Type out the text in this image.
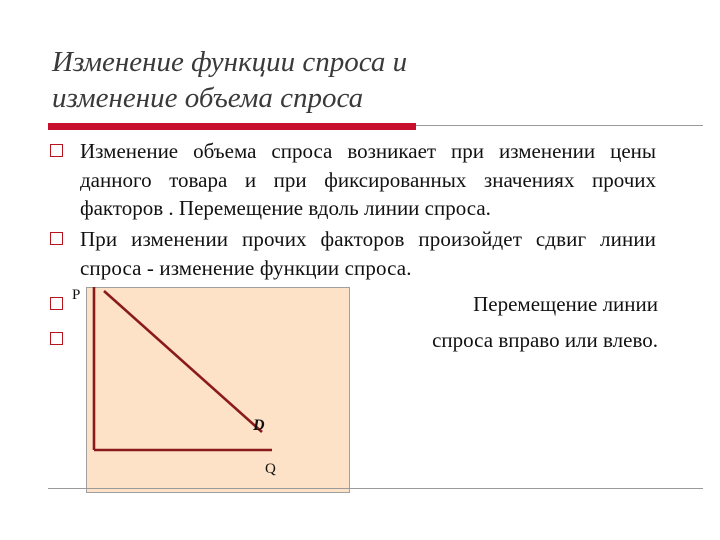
Изменение функции спроса и
изменение объема спроса
Изменение объема спроса возникает при изменении цены данного товара и при фиксированных значениях прочих факторов . Перемещение вдоль линии спроса.
При изменении прочих факторов произойдет сдвиг линии спроса - изменение функции спроса.
Перемещение линии
спроса вправо или влево.
P
Q
D
